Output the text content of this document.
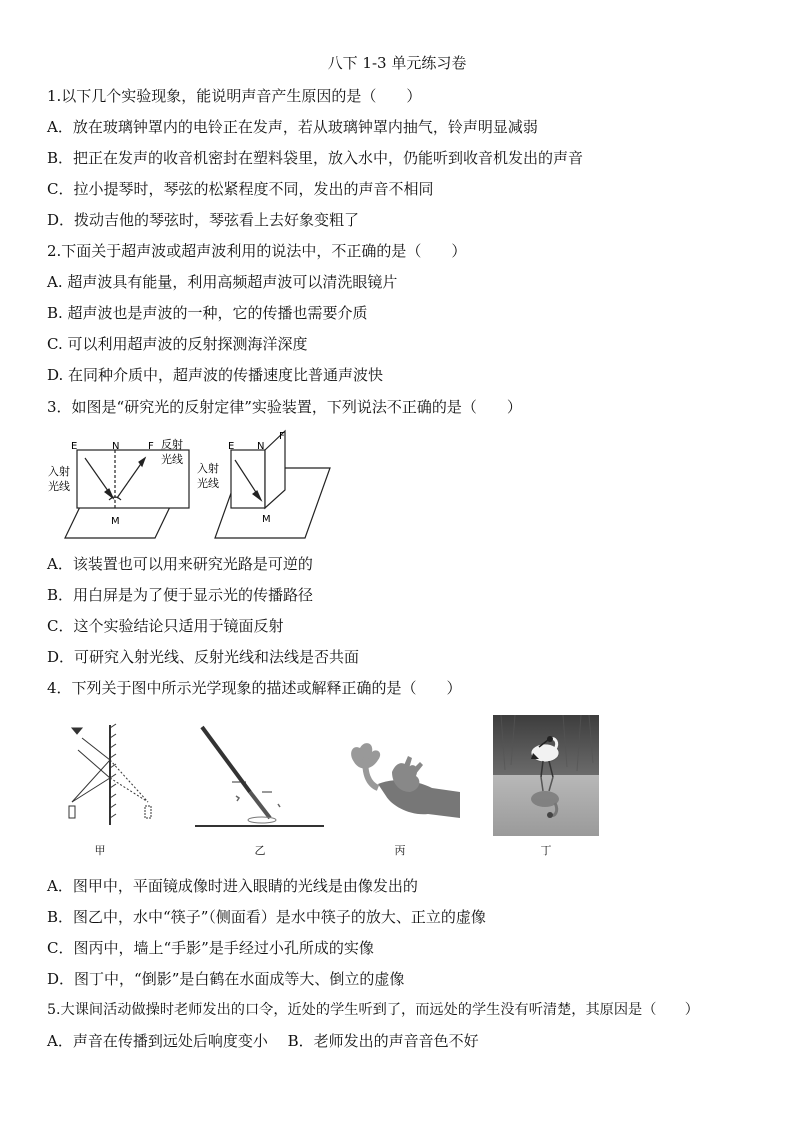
八下 1-3 单元练习卷
1.以下几个实验现象，能说明声音产生原因的是（　　）
A．放在玻璃钟罩内的电铃正在发声，若从玻璃钟罩内抽气，铃声明显减弱
B．把正在发声的收音机密封在塑料袋里，放入水中，仍能听到收音机发出的声音
C．拉小提琴时，琴弦的松紧程度不同，发出的声音不相同
D．拨动吉他的琴弦时，琴弦看上去好象变粗了
2.下面关于超声波或超声波利用的说法中，不正确的是（　　）
A. 超声波具有能量，利用高频超声波可以清洗眼镜片
B. 超声波也是声波的一种，它的传播也需要介质
C. 可以利用超声波的反射探测海洋深度
D. 在同种介质中，超声波的传播速度比普通声波快
3．如图是“研究光的反射定律”实验装置，下列说法不正确的是（　　）
E	N	F
M
入射
光线
反射
光线
E N
F
M
入射
光线
A．该装置也可以用来研究光路是可逆的
B．用白屏是为了便于显示光的传播路径
C．这个实验结论只适用于镜面反射
D．可研究入射光线、反射光线和法线是否共面
4．下列关于图中所示光学现象的描述或解释正确的是（　　）
甲	乙	丙	丁
A．图甲中，平面镜成像时进入眼睛的光线是由像发出的
B．图乙中，水中“筷子”（侧面看）是水中筷子的放大、正立的虚像
C．图丙中，墙上“手影”是手经过小孔所成的实像
D．图丁中，“倒影”是白鹤在水面成等大、倒立的虚像
5.大课间活动做操时老师发出的口令，近处的学生听到了，而远处的学生没有听清楚，其原因是（　　）
A．声音在传播到远处后响度变小　 B．老师发出的声音音色不好
